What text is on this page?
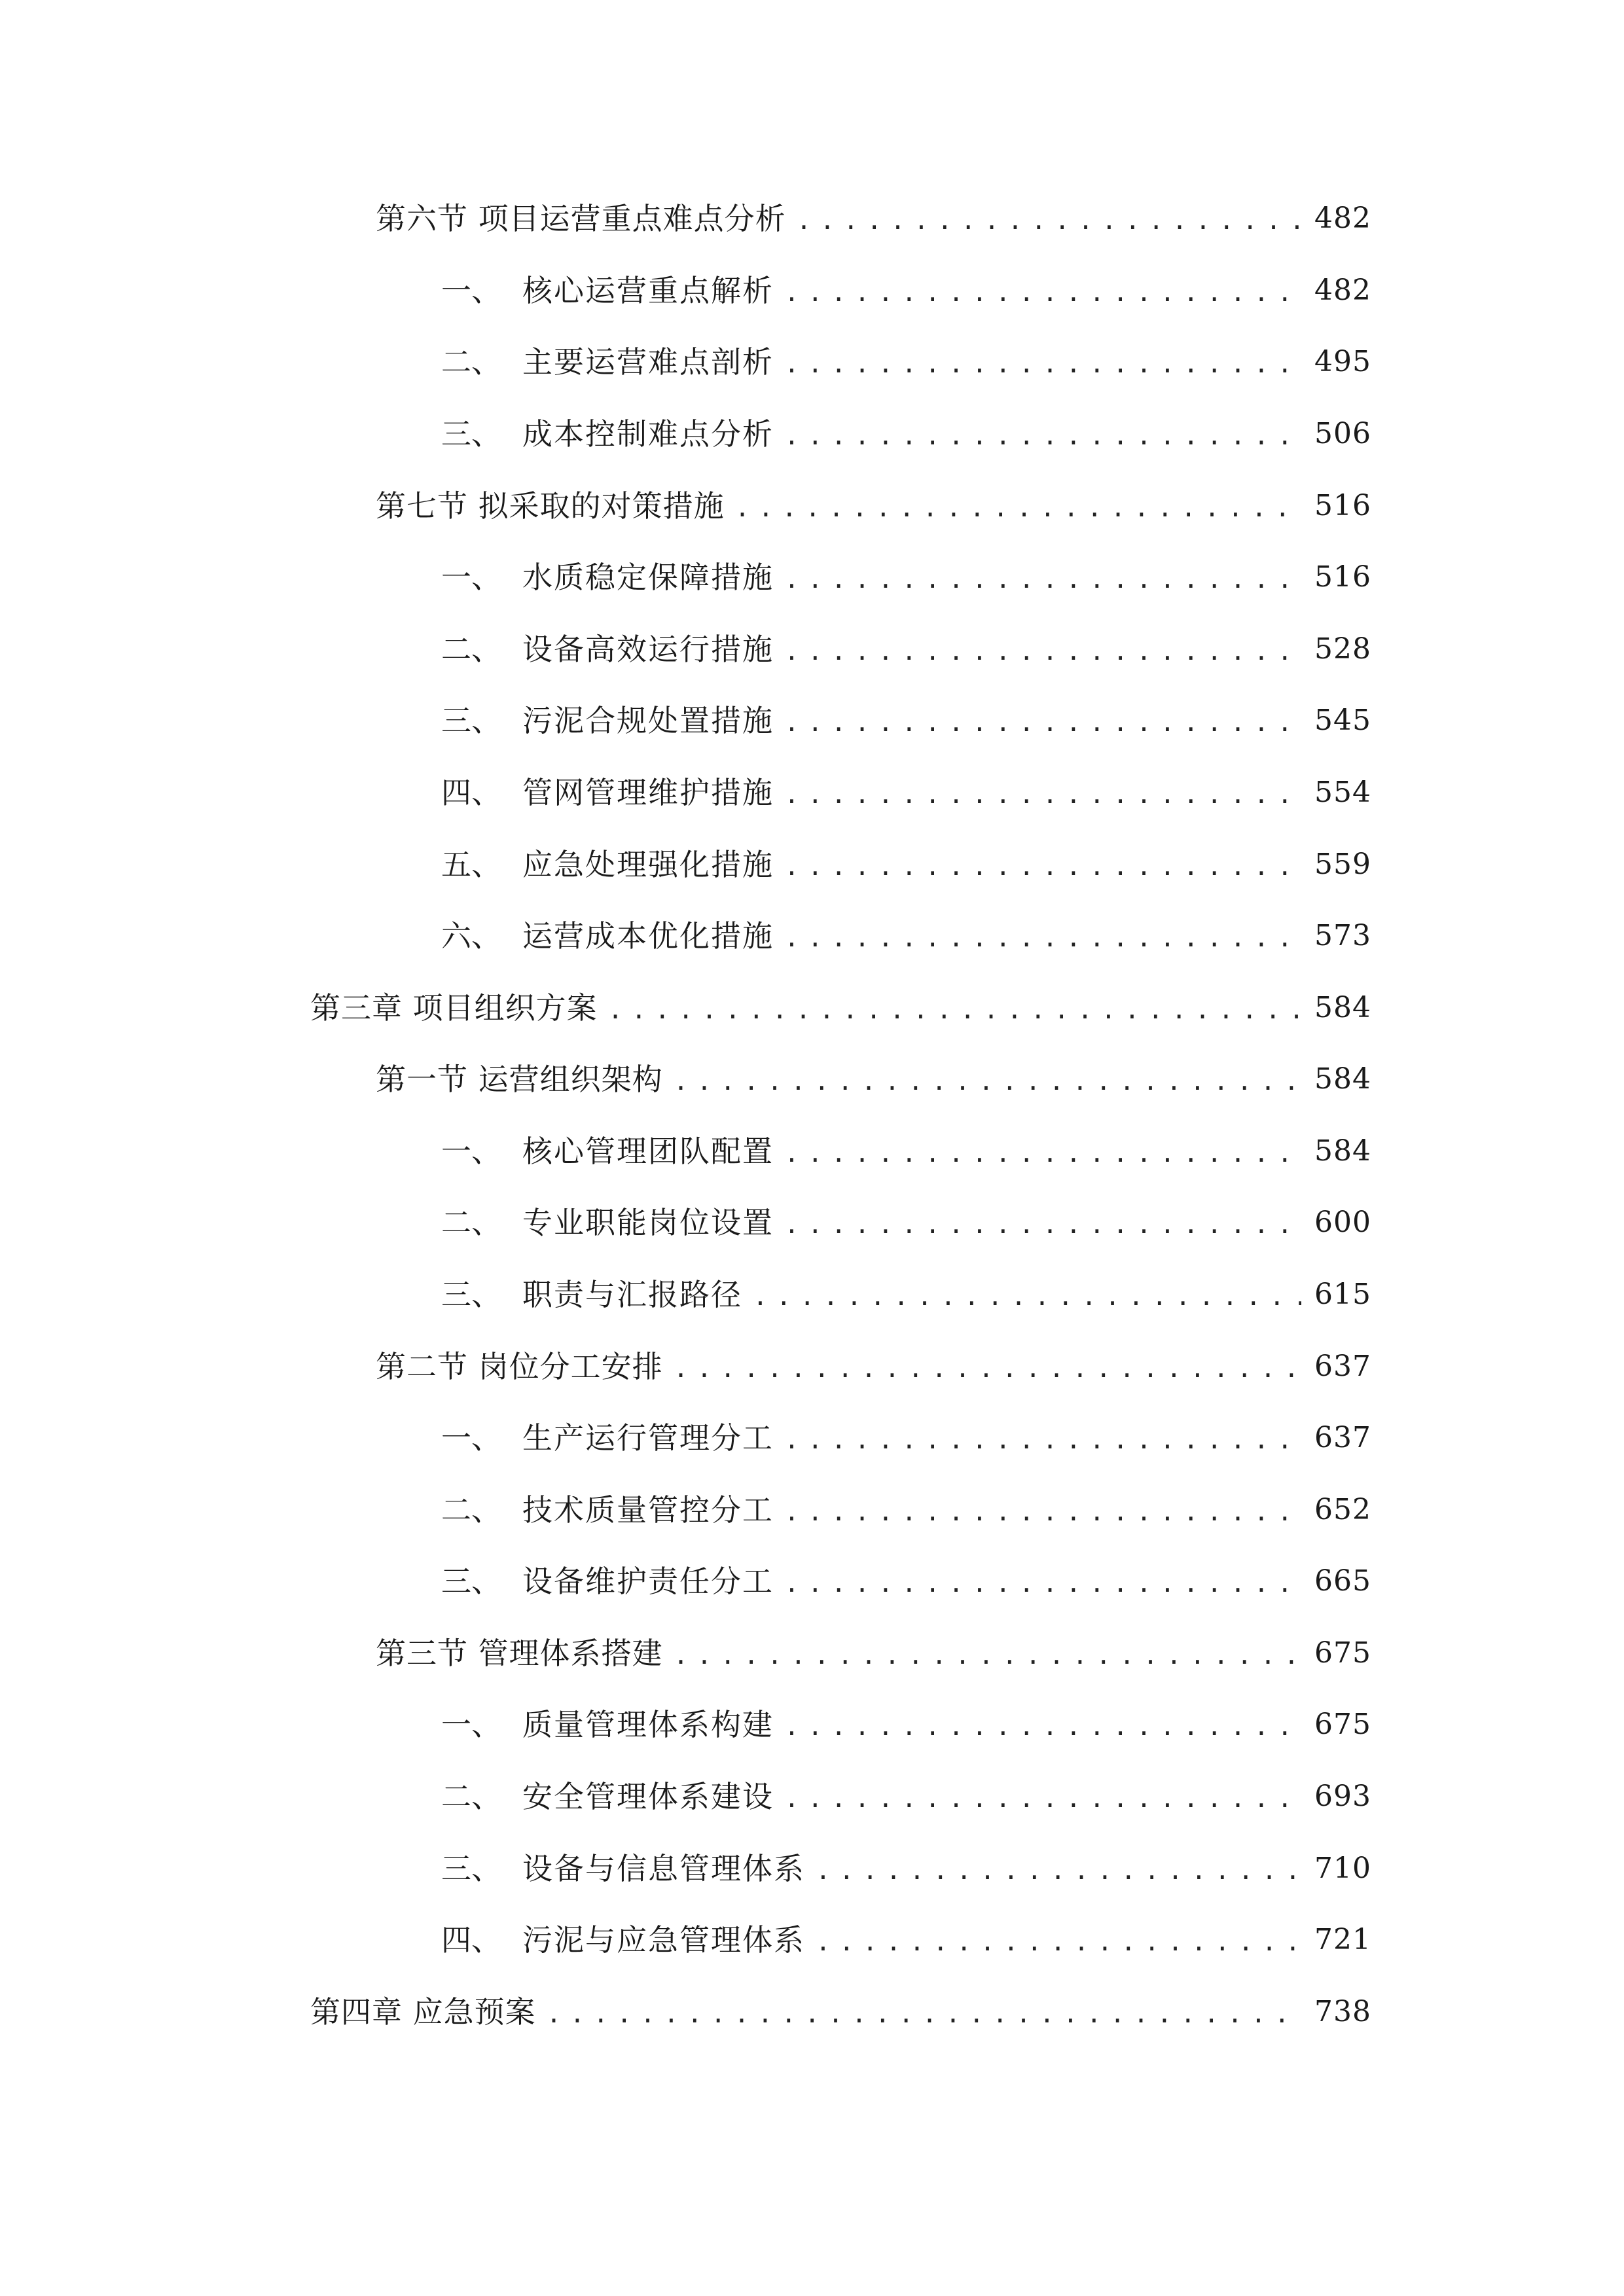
第六节 项目运营重点难点分析 .....	482
一、 核心运营重点解析 .....	482
二、 主要运营难点剖析 .....	495
三、 成本控制难点分析 .....	506
第七节 拟采取的对策措施 .....	516
一、 水质稳定保障措施 .....	516
二、 设备高效运行措施 .....	528
三、 污泥合规处置措施 .....	545
四、 管网管理维护措施 .....	554
五、 应急处理强化措施 .....	559
六、 运营成本优化措施 .....	573
第三章 项目组织方案 .....	584
第一节 运营组织架构 .....	584
一、 核心管理团队配置 .....	584
二、 专业职能岗位设置 .....	600
三、 职责与汇报路径 .....	615
第二节 岗位分工安排 .....	637
一、 生产运行管理分工 .....	637
二、 技术质量管控分工 .....	652
三、 设备维护责任分工 .....	665
第三节 管理体系搭建 .....	675
一、 质量管理体系构建 .....	675
二、 安全管理体系建设 .....	693
三、 设备与信息管理体系 .....	710
四、 污泥与应急管理体系 .....	721
第四章 应急预案 .....	738
